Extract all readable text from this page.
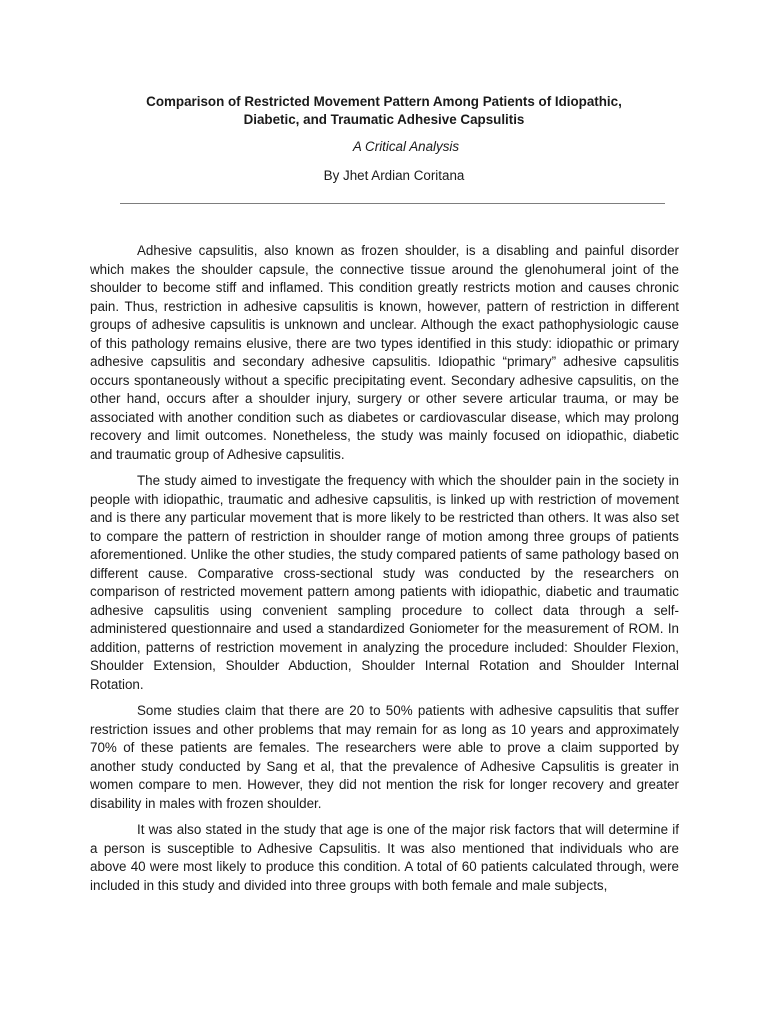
Comparison of Restricted Movement Pattern Among Patients of Idiopathic,
Diabetic, and Traumatic Adhesive Capsulitis
A Critical Analysis
By Jhet Ardian Coritana

Adhesive capsulitis, also known as frozen shoulder, is a disabling and painful disorder which makes the shoulder capsule, the connective tissue around the glenohumeral joint of the shoulder to become stiff and inflamed. This condition greatly restricts motion and causes chronic pain. Thus, restriction in adhesive capsulitis is known, however, pattern of restriction in different groups of adhesive capsulitis is unknown and unclear. Although the exact pathophysiologic cause of this pathology remains elusive, there are two types identified in this study: idiopathic or primary adhesive capsulitis and secondary adhesive capsulitis. Idiopathic “primary” adhesive capsulitis occurs spontaneously without a specific precipitating event. Secondary adhesive capsulitis, on the other hand, occurs after a shoulder injury, surgery or other severe articular trauma, or may be associated with another condition such as diabetes or cardiovascular disease, which may prolong recovery and limit outcomes. Nonetheless, the study was mainly focused on idiopathic, diabetic and traumatic group of Adhesive capsulitis.

The study aimed to investigate the frequency with which the shoulder pain in the society in people with idiopathic, traumatic and adhesive capsulitis, is linked up with restriction of movement and is there any particular movement that is more likely to be restricted than others. It was also set to compare the pattern of restriction in shoulder range of motion among three groups of patients aforementioned. Unlike the other studies, the study compared patients of same pathology based on different cause. Comparative cross-sectional study was conducted by the researchers on comparison of restricted movement pattern among patients with idiopathic, diabetic and traumatic adhesive capsulitis using convenient sampling procedure to collect data through a self-administered questionnaire and used a standardized Goniometer for the measurement of ROM. In addition, patterns of restriction movement in analyzing the procedure included: Shoulder Flexion, Shoulder Extension, Shoulder Abduction, Shoulder Internal Rotation and Shoulder Internal Rotation.

Some studies claim that there are 20 to 50% patients with adhesive capsulitis that suffer restriction issues and other problems that may remain for as long as 10 years and approximately 70% of these patients are females. The researchers were able to prove a claim supported by another study conducted by Sang et al, that the prevalence of Adhesive Capsulitis is greater in women compare to men. However, they did not mention the risk for longer recovery and greater disability in males with frozen shoulder.

It was also stated in the study that age is one of the major risk factors that will determine if a person is susceptible to Adhesive Capsulitis. It was also mentioned that individuals who are above 40 were most likely to produce this condition. A total of 60 patients calculated through, were included in this study and divided into three groups with both female and male subjects,
